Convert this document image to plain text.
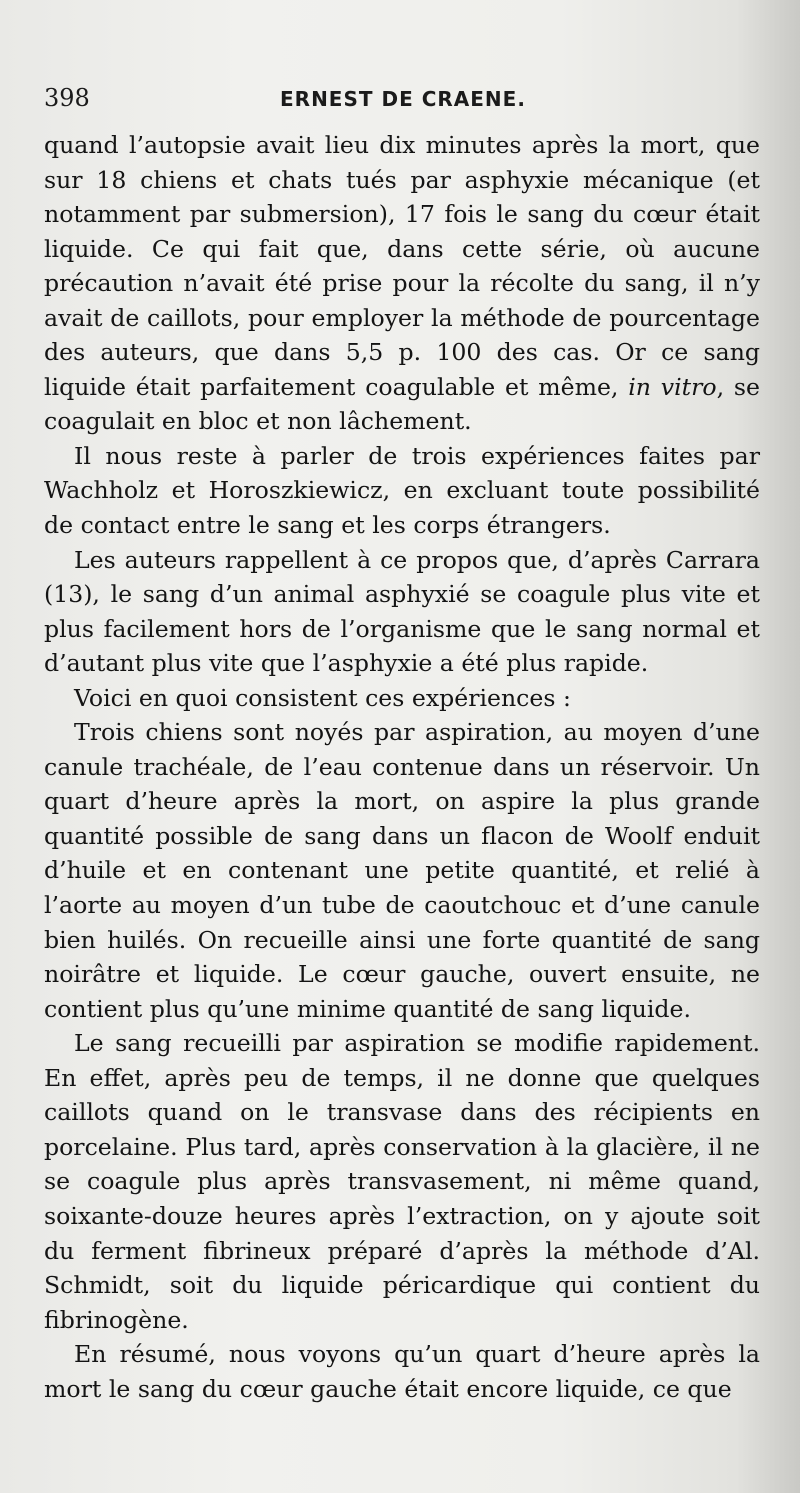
398	ERNEST DE CRAENE.

quand l’autopsie avait lieu dix minutes après la mort, que sur 18 chiens et chats tués par asphyxie mécanique (et notamment par submersion), 17 fois le sang du cœur était liquide. Ce qui fait que, dans cette série, où aucune précaution n’avait été prise pour la récolte du sang, il n’y avait de caillots, pour employer la méthode de pourcentage des auteurs, que dans 5,5 p. 100 des cas. Or ce sang liquide était parfaitement coagulable et même, in vitro, se coagulait en bloc et non lâchement.

Il nous reste à parler de trois expériences faites par Wachholz et Horoszkiewicz, en excluant toute possibilité de contact entre le sang et les corps étrangers.

Les auteurs rappellent à ce propos que, d’après Carrara (13), le sang d’un animal asphyxié se coagule plus vite et plus facilement hors de l’organisme que le sang normal et d’autant plus vite que l’asphyxie a été plus rapide.

Voici en quoi consistent ces expériences :

Trois chiens sont noyés par aspiration, au moyen d’une canule trachéale, de l’eau contenue dans un réservoir. Un quart d’heure après la mort, on aspire la plus grande quantité possible de sang dans un flacon de Woolf enduit d’huile et en contenant une petite quantité, et relié à l’aorte au moyen d’un tube de caoutchouc et d’une canule bien huilés. On recueille ainsi une forte quantité de sang noirâtre et liquide. Le cœur gauche, ouvert ensuite, ne contient plus qu’une minime quantité de sang liquide.

Le sang recueilli par aspiration se modifie rapidement. En effet, après peu de temps, il ne donne que quelques caillots quand on le transvase dans des récipients en porcelaine. Plus tard, après conservation à la glacière, il ne se coagule plus après transvasement, ni même quand, soixante-douze heures après l’extraction, on y ajoute soit du ferment fibrineux préparé d’après la méthode d’Al. Schmidt, soit du liquide péricardique qui contient du fibrinogène.

En résumé, nous voyons qu’un quart d’heure après la mort le sang du cœur gauche était encore liquide, ce que
